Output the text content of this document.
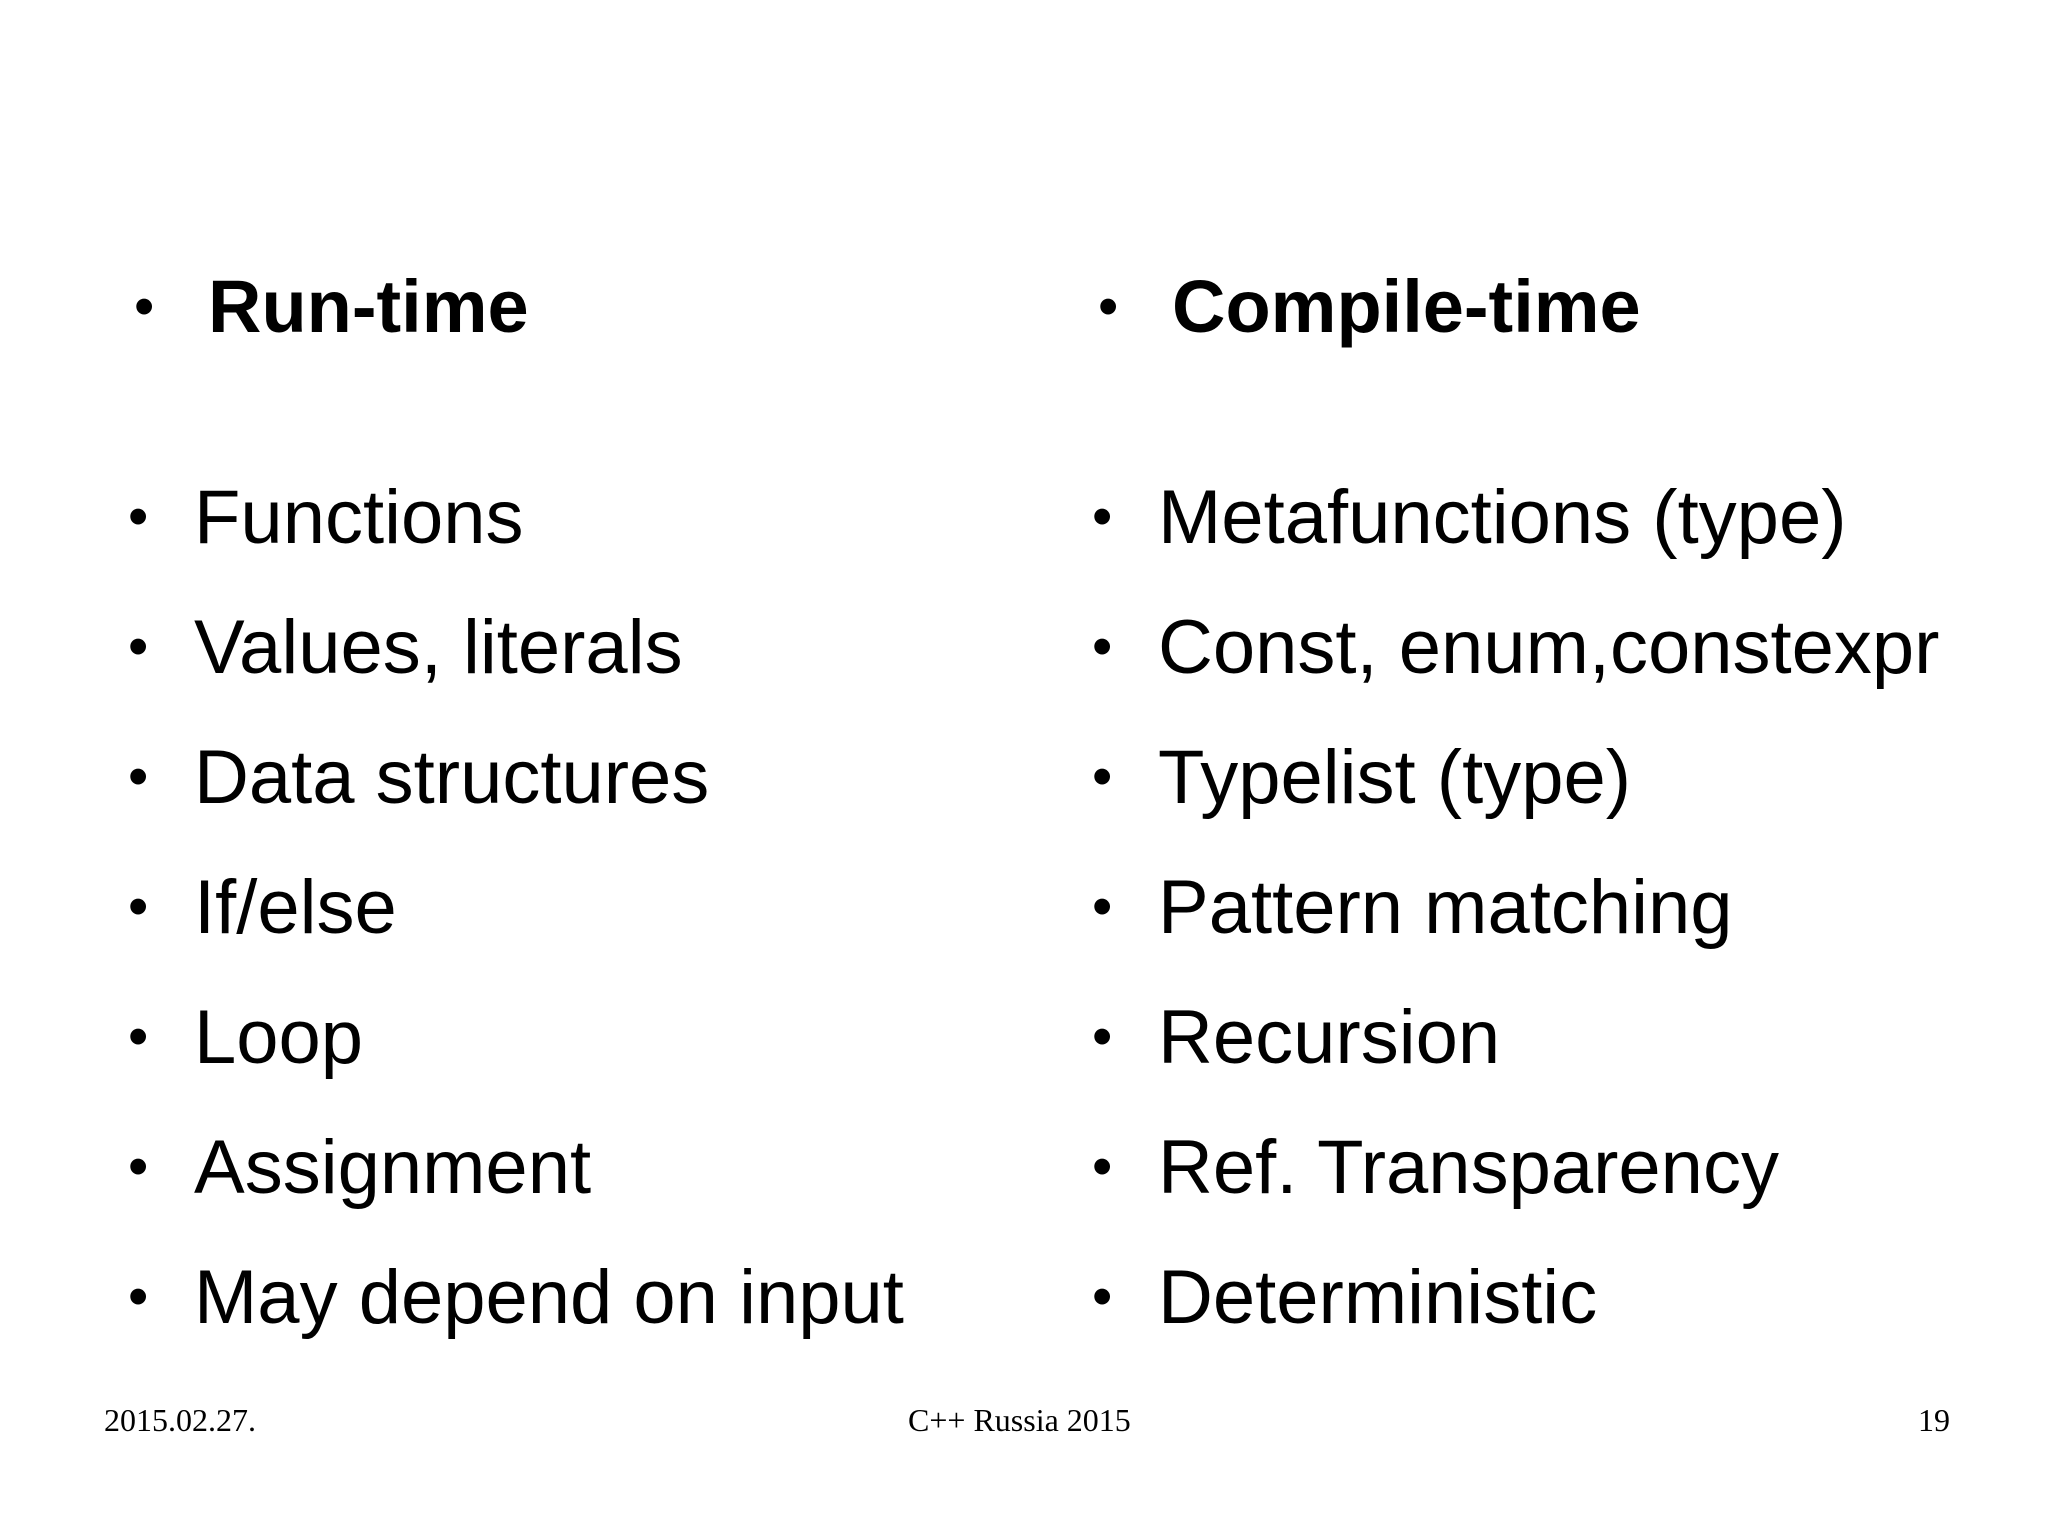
• Run-time
• Functions
• Values, literals
• Data structures
• If/else
• Loop
• Assignment
• May depend on input
• Compile-time
• Metafunctions (type)
• Const, enum,constexpr
• Typelist (type)
• Pattern matching
• Recursion
• Ref. Transparency
• Deterministic
2015.02.27.	C++ Russia 2015	19
